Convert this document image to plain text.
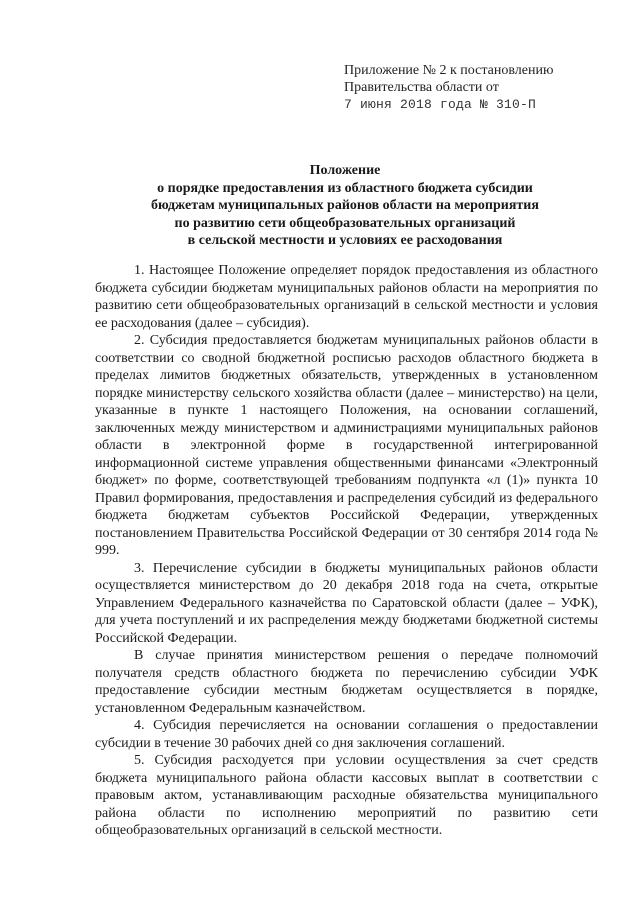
Приложение № 2 к постановлению
Правительства области от
7 июня 2018 года № 310-П
Положение
о порядке предоставления из областного бюджета субсидии
бюджетам муниципальных районов области на мероприятия
по развитию сети общеобразовательных организаций
в сельской местности и условиях ее расходования

1. Настоящее Положение определяет порядок предоставления из областного бюджета субсидии бюджетам муниципальных районов области на мероприятия по развитию сети общеобразовательных организаций в сельской местности и условия ее расходования (далее – субсидия).

2. Субсидия предоставляется бюджетам муниципальных районов области в соответствии со сводной бюджетной росписью расходов областного бюджета в пределах лимитов бюджетных обязательств, утвержденных в установленном порядке министерству сельского хозяйства области (далее – министерство) на цели, указанные в пункте 1 настоящего Положения, на основании соглашений, заключенных между министерством и администрациями муниципальных районов области в электронной форме в государственной интегрированной информационной системе управления общественными финансами «Электронный бюджет» по форме, соответствующей требованиям подпункта «л (1)» пункта 10 Правил формирования, предоставления и распределения субсидий из федерального бюджета бюджетам субъектов Российской Федерации, утвержденных постановлением Правительства Российской Федерации от 30 сентября 2014 года № 999.

3. Перечисление субсидии в бюджеты муниципальных районов области осуществляется министерством до 20 декабря 2018 года на счета, открытые Управлением Федерального казначейства по Саратовской области (далее – УФК), для учета поступлений и их распределения между бюджетами бюджетной системы Российской Федерации.

В случае принятия министерством решения о передаче полномочий получателя средств областного бюджета по перечислению субсидии УФК предоставление субсидии местным бюджетам осуществляется в порядке, установленном Федеральным казначейством.

4. Субсидия перечисляется на основании соглашения о предоставлении субсидии в течение 30 рабочих дней со дня заключения соглашений.

5. Субсидия расходуется при условии осуществления за счет средств бюджета муниципального района области кассовых выплат в соответствии с правовым актом, устанавливающим расходные обязательства муниципального района области по исполнению мероприятий по развитию сети общеобразовательных организаций в сельской местности.
